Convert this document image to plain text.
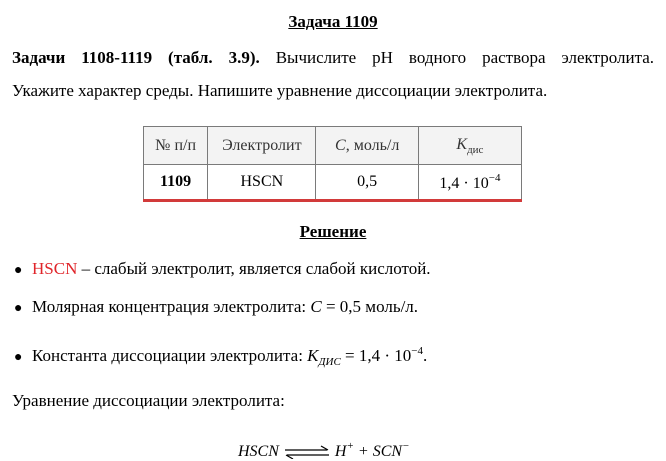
Задача 1109
Задачи 1108-1119 (табл. 3.9). Вычислите pH водного раствора электролита.
Укажите характер среды. Напишите уравнение диссоциации электролита.
№ п/п	Электролит	C, моль/л	$K_{дис}$
1109	HSCN	0,5	$1,4 \cdot 10^{-4}$
Решение
● HSCN – слабый электролит, является слабой кислотой.
● Молярная концентрация электролита: C = 0,5 моль/л.
● Константа диссоциации электролита: $K_{ДИС} = 1,4 \cdot 10^{-4}$.
Уравнение диссоциации электролита:
HSCN ⇌ H+ + SCN−
